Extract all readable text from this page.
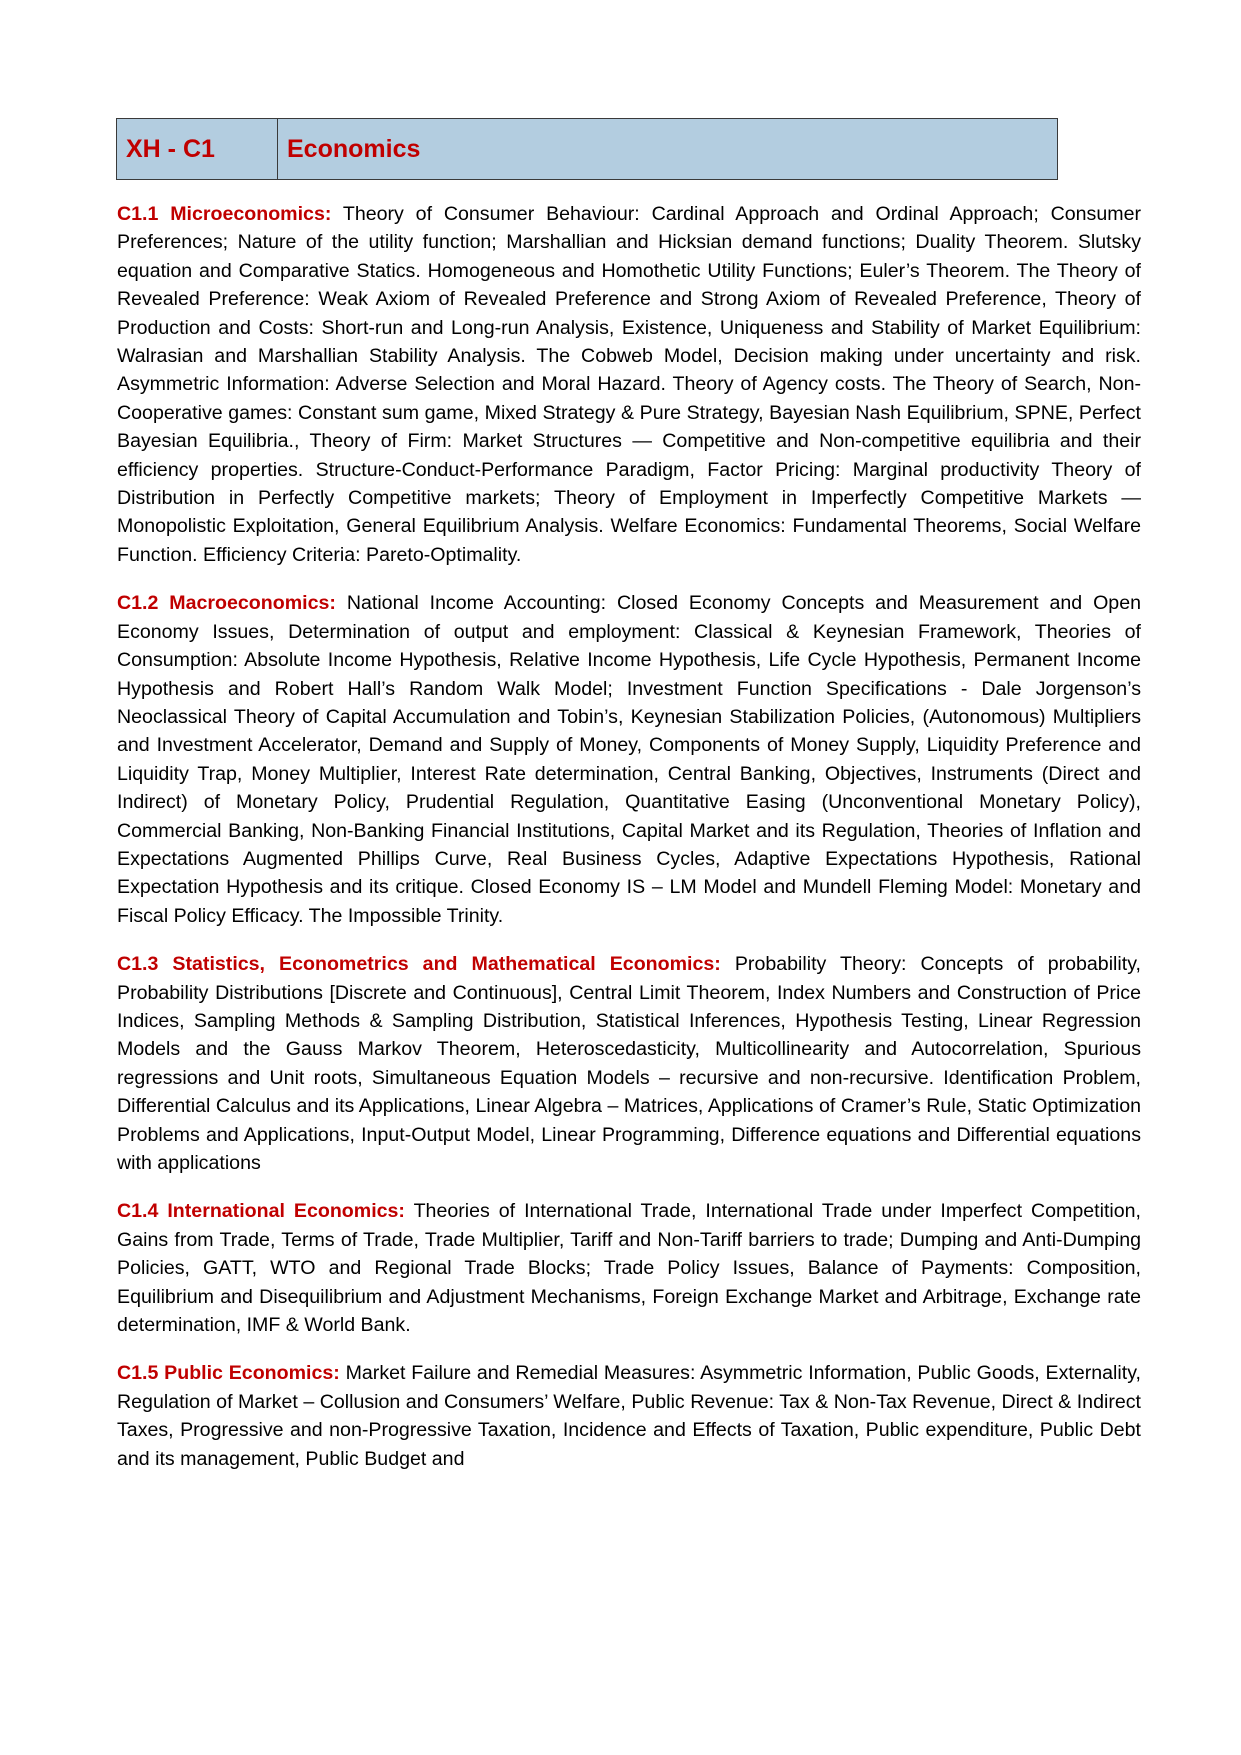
XH - C1	Economics

C1.1 Microeconomics: Theory of Consumer Behaviour: Cardinal Approach and Ordinal Approach; Consumer Preferences; Nature of the utility function; Marshallian and Hicksian demand functions; Duality Theorem. Slutsky equation and Comparative Statics. Homogeneous and Homothetic Utility Functions; Euler’s Theorem. The Theory of Revealed Preference: Weak Axiom of Revealed Preference and Strong Axiom of Revealed Preference, Theory of Production and Costs: Short-run and Long-run Analysis, Existence, Uniqueness and Stability of Market Equilibrium: Walrasian and Marshallian Stability Analysis. The Cobweb Model, Decision making under uncertainty and risk. Asymmetric Information: Adverse Selection and Moral Hazard. Theory of Agency costs. The Theory of Search, Non-Cooperative games: Constant sum game, Mixed Strategy & Pure Strategy, Bayesian Nash Equilibrium, SPNE, Perfect Bayesian Equilibria., Theory of Firm: Market Structures — Competitive and Non-competitive equilibria and their efficiency properties. Structure-Conduct-Performance Paradigm, Factor Pricing: Marginal productivity Theory of Distribution in Perfectly Competitive markets; Theory of Employment in Imperfectly Competitive Markets — Monopolistic Exploitation, General Equilibrium Analysis. Welfare Economics: Fundamental Theorems, Social Welfare Function. Efficiency Criteria: Pareto-Optimality.

C1.2 Macroeconomics: National Income Accounting: Closed Economy Concepts and Measurement and Open Economy Issues, Determination of output and employment: Classical & Keynesian Framework, Theories of Consumption: Absolute Income Hypothesis, Relative Income Hypothesis, Life Cycle Hypothesis, Permanent Income Hypothesis and Robert Hall’s Random Walk Model; Investment Function Specifications - Dale Jorgenson’s Neoclassical Theory of Capital Accumulation and Tobin’s, Keynesian Stabilization Policies, (Autonomous) Multipliers and Investment Accelerator, Demand and Supply of Money, Components of Money Supply, Liquidity Preference and Liquidity Trap, Money Multiplier, Interest Rate determination, Central Banking, Objectives, Instruments (Direct and Indirect) of Monetary Policy, Prudential Regulation, Quantitative Easing (Unconventional Monetary Policy), Commercial Banking, Non-Banking Financial Institutions, Capital Market and its Regulation, Theories of Inflation and Expectations Augmented Phillips Curve, Real Business Cycles, Adaptive Expectations Hypothesis, Rational Expectation Hypothesis and its critique. Closed Economy IS – LM Model and Mundell Fleming Model: Monetary and Fiscal Policy Efficacy. The Impossible Trinity.

C1.3 Statistics, Econometrics and Mathematical Economics: Probability Theory: Concepts of probability, Probability Distributions [Discrete and Continuous], Central Limit Theorem, Index Numbers and Construction of Price Indices, Sampling Methods & Sampling Distribution, Statistical Inferences, Hypothesis Testing, Linear Regression Models and the Gauss Markov Theorem, Heteroscedasticity, Multicollinearity and Autocorrelation, Spurious regressions and Unit roots, Simultaneous Equation Models – recursive and non-recursive. Identification Problem, Differential Calculus and its Applications, Linear Algebra – Matrices, Applications of Cramer’s Rule, Static Optimization Problems and Applications, Input-Output Model, Linear Programming, Difference equations and Differential equations with applications

C1.4 International Economics: Theories of International Trade, International Trade under Imperfect Competition, Gains from Trade, Terms of Trade, Trade Multiplier, Tariff and Non-Tariff barriers to trade; Dumping and Anti-Dumping Policies, GATT, WTO and Regional Trade Blocks; Trade Policy Issues, Balance of Payments: Composition, Equilibrium and Disequilibrium and Adjustment Mechanisms, Foreign Exchange Market and Arbitrage, Exchange rate determination, IMF & World Bank.

C1.5 Public Economics: Market Failure and Remedial Measures: Asymmetric Information, Public Goods, Externality, Regulation of Market – Collusion and Consumers’ Welfare, Public Revenue: Tax & Non-Tax Revenue, Direct & Indirect Taxes, Progressive and non-Progressive Taxation, Incidence and Effects of Taxation, Public expenditure, Public Debt and its management, Public Budget and
